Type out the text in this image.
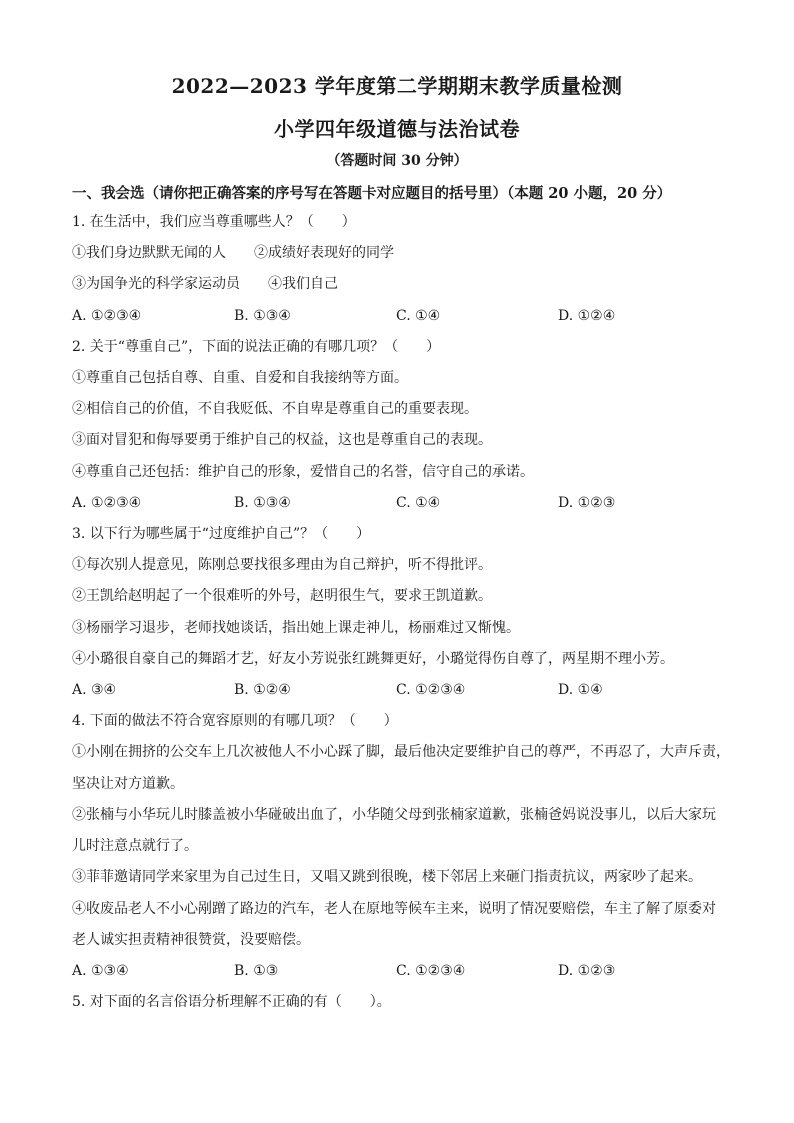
2022—2023 学年度第二学期期末教学质量检测
小学四年级道德与法治试卷
（答题时间 30 分钟）
一、我会选（请你把正确答案的序号写在答题卡对应题目的括号里）（本题 20 小题，20 分）
1. 在生活中，我们应当尊重哪些人？（　　）
①我们身边默默无闻的人　　②成绩好表现好的同学
③为国争光的科学家运动员　　④我们自己
A. ①②③④	B. ①③④	C. ①④	D. ①②④
2. 关于“尊重自己”，下面的说法正确的有哪几项？（　　）
①尊重自己包括自尊、自重、自爱和自我接纳等方面。
②相信自己的价值，不自我贬低、不自卑是尊重自己的重要表现。
③面对冒犯和侮辱要勇于维护自己的权益，这也是尊重自己的表现。
④尊重自己还包括：维护自己的形象，爱惜自己的名誉，信守自己的承诺。
A. ①②③④	B. ①③④	C. ①④	D. ①②③
3. 以下行为哪些属于“过度维护自己”？（　　）
①每次别人提意见，陈刚总要找很多理由为自己辩护，听不得批评。
②王凯给赵明起了一个很难听的外号，赵明很生气，要求王凯道歉。
③杨丽学习退步，老师找她谈话，指出她上课走神儿，杨丽难过又惭愧。
④小璐很自豪自己的舞蹈才艺，好友小芳说张红跳舞更好，小璐觉得伤自尊了，两星期不理小芳。
A. ③④	B. ①②④	C. ①②③④	D. ①④
4. 下面的做法不符合宽容原则的有哪几项？（　　）
①小刚在拥挤的公交车上几次被他人不小心踩了脚，最后他决定要维护自己的尊严，不再忍了，大声斥责，
坚决让对方道歉。
②张楠与小华玩儿时膝盖被小华碰破出血了，小华随父母到张楠家道歉，张楠爸妈说没事儿，以后大家玩
儿时注意点就行了。
③菲菲邀请同学来家里为自己过生日，又唱又跳到很晚，楼下邻居上来砸门指责抗议，两家吵了起来。
④收废品老人不小心剐蹭了路边的汽车，老人在原地等候车主来，说明了情况要赔偿，车主了解了原委对
老人诚实担责精神很赞赏，没要赔偿。
A. ①③④	B. ①③	C. ①②③④	D. ①②③
5. 对下面的名言俗语分析理解不正确的有（　　）。
